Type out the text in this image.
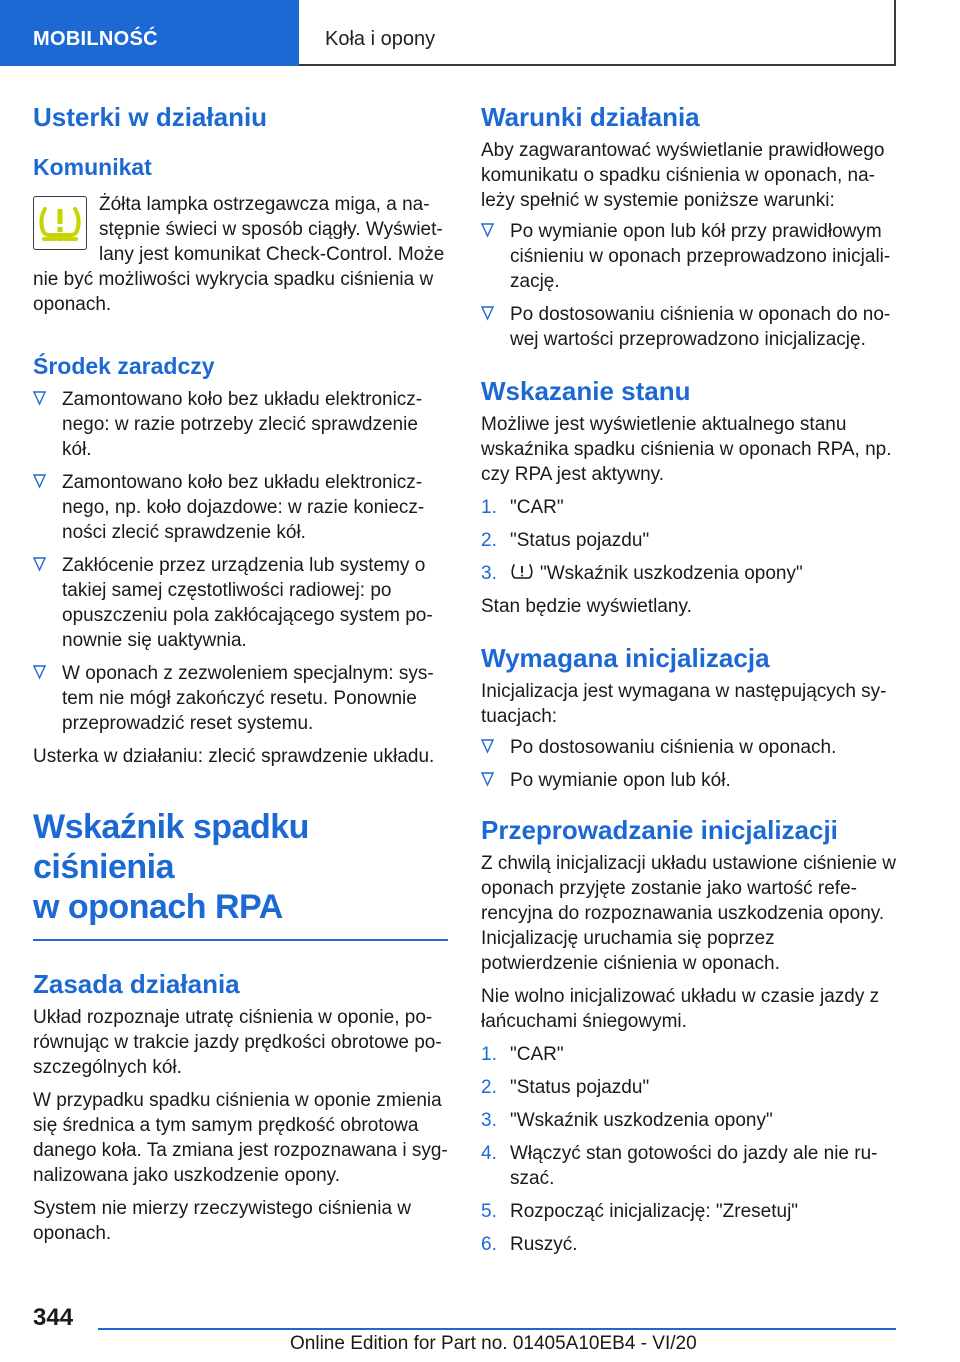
MOBILNOŚĆ	Koła i opony
Usterki w działaniu
Komunikat

Żółta lampka ostrzegawcza miga, a na-stępnie świeci w sposób ciągły. Wyświet-lany jest komunikat Check-Control. Może nie być możliwości wykrycia spadku ciśnienia w oponach.

Środek zaradczy
Zamontowano koło bez układu elektronicz-nego: w razie potrzeby zlecić sprawdzenie kół.
Zamontowano koło bez układu elektronicz-nego, np. koło dojazdowe: w razie koniecz-ności zlecić sprawdzenie kół.
Zakłócenie przez urządzenia lub systemy o takiej samej częstotliwości radiowej: po opuszczeniu pola zakłócającego system po-nownie się uaktywnia.
W oponach z zezwoleniem specjalnym: sys-tem nie mógł zakończyć resetu. Ponownie przeprowadzić reset systemu.

Usterka w działaniu: zlecić sprawdzenie układu.

Wskaźnik spadku ciśnienia
w oponach RPA
Zasada działania

Układ rozpoznaje utratę ciśnienia w oponie, po-równując w trakcie jazdy prędkości obrotowe po-szczególnych kół.

W przypadku spadku ciśnienia w oponie zmienia się średnica a tym samym prędkość obrotowa danego koła. Ta zmiana jest rozpoznawana i syg-nalizowana jako uszkodzenie opony.

System nie mierzy rzeczywistego ciśnienia w oponach.

Warunki działania

Aby zagwarantować wyświetlanie prawidłowego komunikatu o spadku ciśnienia w oponach, na-leży spełnić w systemie poniższe warunki:

Po wymianie opon lub kół przy prawidłowym ciśnieniu w oponach przeprowadzono inicjali-zację.
Po dostosowaniu ciśnienia w oponach do no-wej wartości przeprowadzono inicjalizację.
Wskazanie stanu

Możliwe jest wyświetlenie aktualnego stanu wskaźnika spadku ciśnienia w oponach RPA, np. czy RPA jest aktywny.

1. "CAR"
2. "Status pojazdu"
3. "Wskaźnik uszkodzenia opony"

Stan będzie wyświetlany.

Wymagana inicjalizacja

Inicjalizacja jest wymagana w następujących sy-tuacjach:

Po dostosowaniu ciśnienia w oponach.
Po wymianie opon lub kół.
Przeprowadzanie inicjalizacji

Z chwilą inicjalizacji układu ustawione ciśnienie w oponach przyjęte zostanie jako wartość refe-rencyjna do rozpoznawania uszkodzenia opony. Inicjalizację uruchamia się poprzez potwierdzenie ciśnienia w oponach.

Nie wolno inicjalizować układu w czasie jazdy z łańcuchami śniegowymi.

1. "CAR"
2. "Status pojazdu"
3. "Wskaźnik uszkodzenia opony"
4. Włączyć stan gotowości do jazdy ale nie ru-szać.
5. Rozpocząć inicjalizację: "Zresetuj"
6. Ruszyć.
344
Online Edition for Part no. 01405A10EB4 - VI/20
